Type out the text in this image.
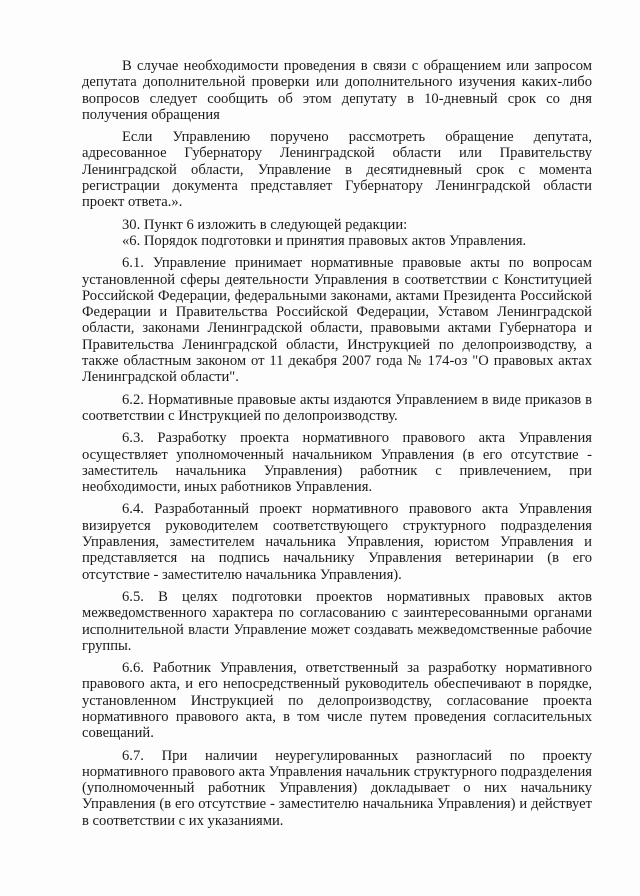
В случае необходимости проведения в связи с обращением или запросом депутата дополнительной проверки или дополнительного изучения каких-либо вопросов следует сообщить об этом депутату в 10-дневный срок со дня получения обращения

Если Управлению поручено рассмотреть обращение депутата, адресованное Губернатору Ленинградской области или Правительству Ленинградской области, Управление в десятидневный срок с момента регистрации документа представляет Губернатору Ленинградской области проект ответа.».

30. Пункт 6 изложить в следующей редакции:

«6. Порядок подготовки и принятия правовых актов Управления.

6.1. Управление принимает нормативные правовые акты по вопросам установленной сферы деятельности Управления в соответствии с Конституцией Российской Федерации, федеральными законами, актами Президента Российской Федерации и Правительства Российской Федерации, Уставом Ленинградской области, законами Ленинградской области, правовыми актами Губернатора и Правительства Ленинградской области, Инструкцией по делопроизводству, а также областным законом от 11 декабря 2007 года № 174-оз "О правовых актах Ленинградской области".

6.2. Нормативные правовые акты издаются Управлением в виде приказов в соответствии с Инструкцией по делопроизводству.

6.3. Разработку проекта нормативного правового акта Управления осуществляет уполномоченный начальником Управления (в его отсутствие - заместитель начальника Управления) работник с привлечением, при необходимости, иных работников Управления.

6.4. Разработанный проект нормативного правового акта Управления визируется руководителем соответствующего структурного подразделения Управления, заместителем начальника Управления, юристом Управления и представляется на подпись начальнику Управления ветеринарии (в его отсутствие - заместителю начальника Управления).

6.5. В целях подготовки проектов нормативных правовых актов межведомственного характера по согласованию с заинтересованными органами исполнительной власти Управление может создавать межведомственные рабочие группы.

6.6. Работник Управления, ответственный за разработку нормативного правового акта, и его непосредственный руководитель обеспечивают в порядке, установленном Инструкцией по делопроизводству, согласование проекта нормативного правового акта, в том числе путем проведения согласительных совещаний.

6.7. При наличии неурегулированных разногласий по проекту нормативного правового акта Управления начальник структурного подразделения (уполномоченный работник Управления) докладывает о них начальнику Управления (в его отсутствие - заместителю начальника Управления) и действует в соответствии с их указаниями.
